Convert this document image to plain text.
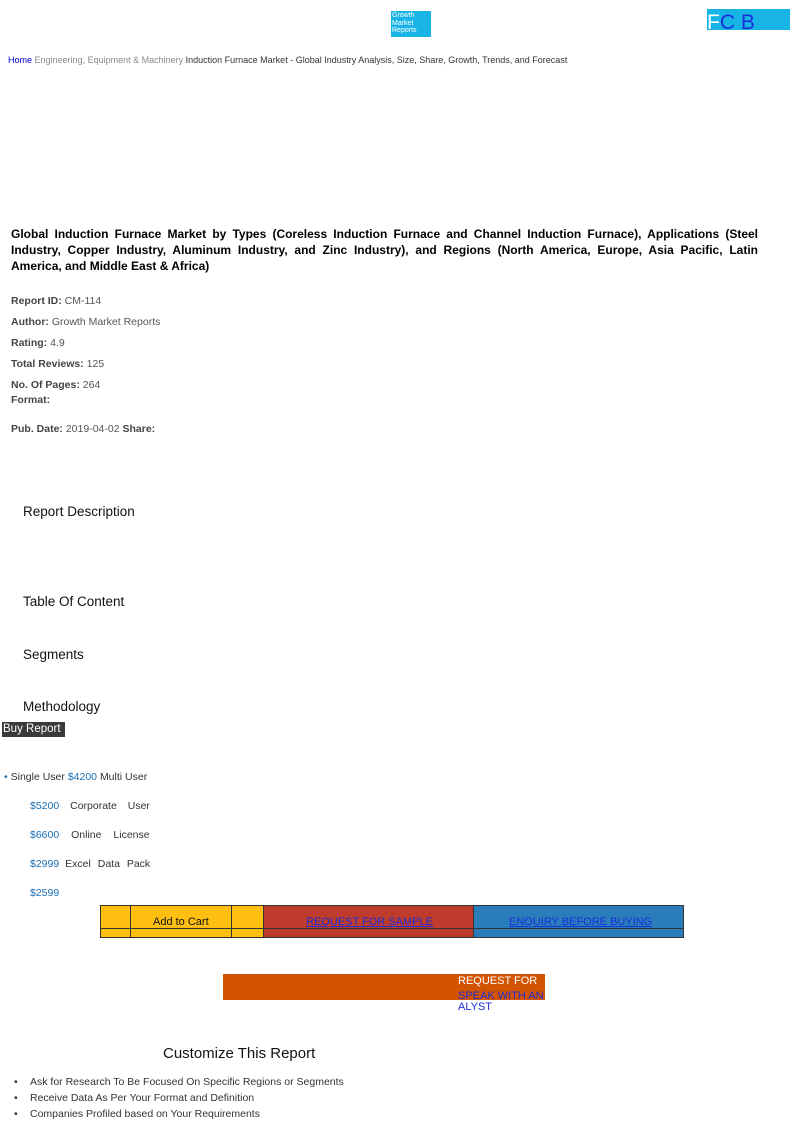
Growth Market Reports	FC B
Home Engineering, Equipment & Machinery Induction Furnace Market - Global Industry Analysis, Size, Share, Growth, Trends, and Forecast
Global Induction Furnace Market by Types (Coreless Induction Furnace and Channel Induction Furnace), Applications (Steel Industry, Copper Industry, Aluminum Industry, and Zinc Industry), and Regions (North America, Europe, Asia Pacific, Latin America, and Middle East & Africa)
Report ID: CM-114
Author: Growth Market Reports
Rating: 4.9
Total Reviews: 125
No. Of Pages: 264
Format:
Pub. Date: 2019-04-02 Share:
Report Description
Table Of Content
Segments
Methodology
Buy Report
• Single User $4200 Multi User
$5200 Corporate User
$6600 Online License
$2999 Excel Data Pack
$2599
Add to Cart	REQUEST FOR SAMPLE	ENQUIRY BEFORE BUYING
REQUEST FOR
SPEAK WITH AN ALYST
Customize This Report
• Ask for Research To Be Focused On Specific Regions or Segments
• Receive Data As Per Your Format and Definition
• Companies Profiled based on Your Requirements
